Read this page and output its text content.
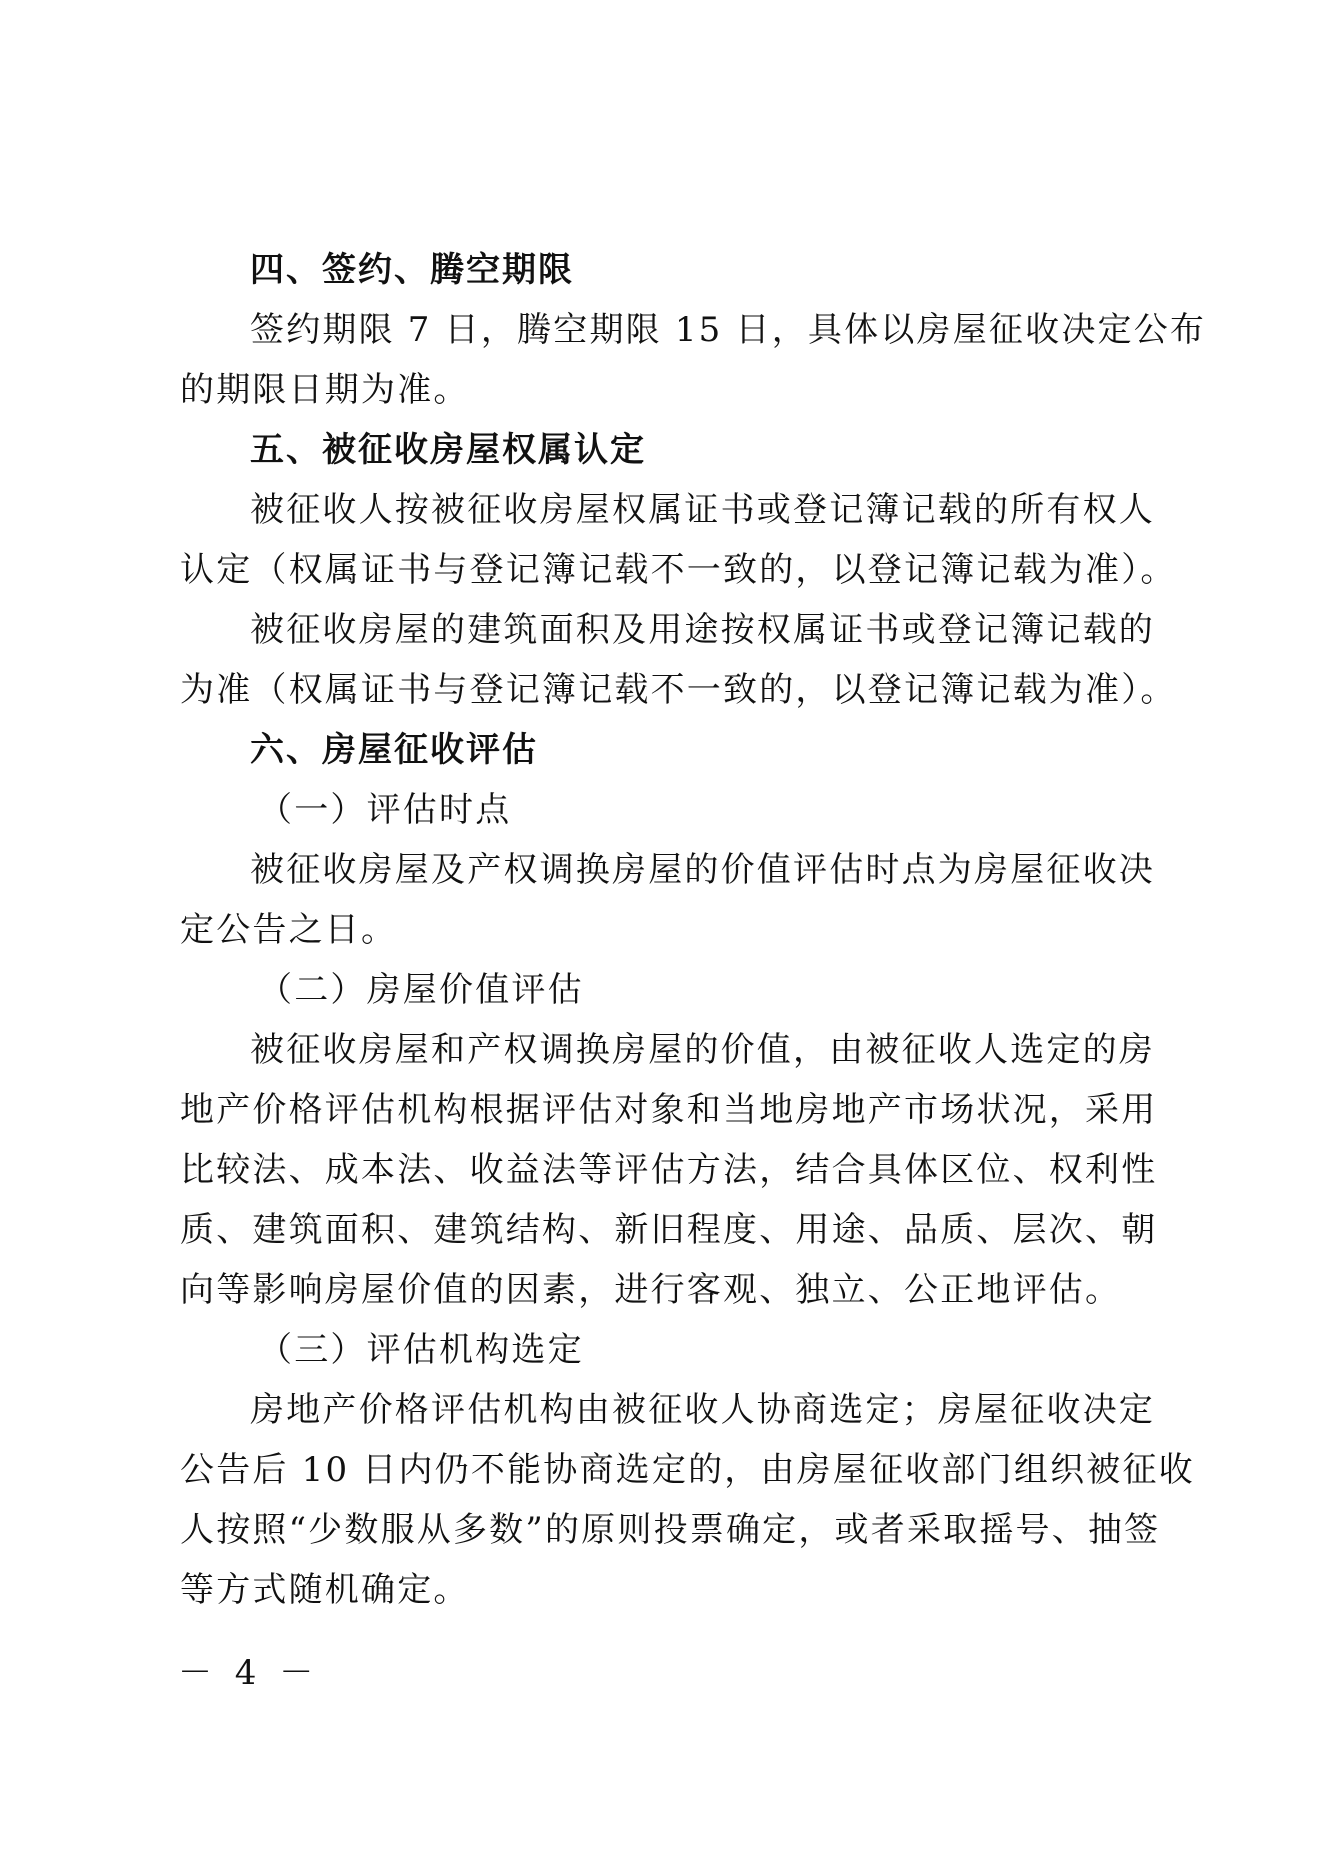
四、签约、腾空期限
签约期限 7 日，腾空期限 15 日，具体以房屋征收决定公布
的期限日期为准。
五、被征收房屋权属认定
被征收人按被征收房屋权属证书或登记簿记载的所有权人
认定（权属证书与登记簿记载不一致的，以登记簿记载为准）。
被征收房屋的建筑面积及用途按权属证书或登记簿记载的
为准（权属证书与登记簿记载不一致的，以登记簿记载为准）。
六、房屋征收评估
（一）评估时点
被征收房屋及产权调换房屋的价值评估时点为房屋征收决
定公告之日。
（二）房屋价值评估
被征收房屋和产权调换房屋的价值，由被征收人选定的房
地产价格评估机构根据评估对象和当地房地产市场状况，采用
比较法、成本法、收益法等评估方法，结合具体区位、权利性
质、建筑面积、建筑结构、新旧程度、用途、品质、层次、朝
向等影响房屋价值的因素，进行客观、独立、公正地评估。
（三）评估机构选定
房地产价格评估机构由被征收人协商选定；房屋征收决定
公告后 10 日内仍不能协商选定的，由房屋征收部门组织被征收
人按照“少数服从多数”的原则投票确定，或者采取摇号、抽签
等方式随机确定。
－ 4 －
